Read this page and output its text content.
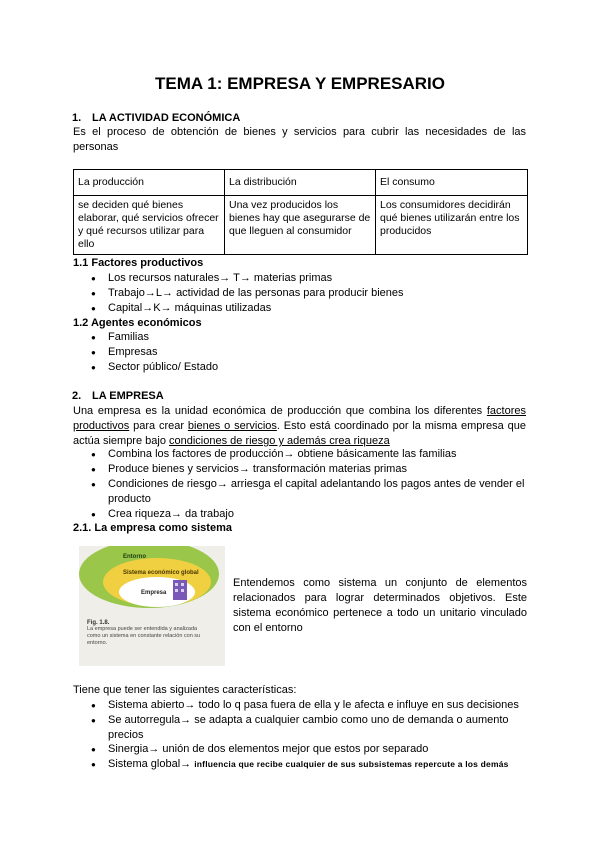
TEMA 1: EMPRESA Y EMPRESARIO
1. LA ACTIVIDAD ECONÓMICA
Es el proceso de obtención de bienes y servicios para cubrir las necesidades de las personas
La producción	La distribución	El consumo
se deciden qué bienes elaborar, qué servicios ofrecer y qué recursos utilizar para ello	Una vez producidos los bienes hay que asegurarse de que lleguen al consumidor	Los consumidores decidirán qué bienes utilizarán entre los producidos
1.1 Factores productivos
● Los recursos naturales→ T→ materias primas
● Trabajo→L→ actividad de las personas para producir bienes
● Capital→K→ máquinas utilizadas
1.2 Agentes económicos
● Familias
● Empresas
● Sector público/ Estado
2. LA EMPRESA
Una empresa es la unidad económica de producción que combina los diferentes factores productivos para crear bienes o servicios. Esto está coordinado por la misma empresa que actúa siempre bajo condiciones de riesgo y además crea riqueza
● Combina los factores de producción→ obtiene básicamente las familias
● Produce bienes y servicios→ transformación materias primas
● Condiciones de riesgo→ arriesga el capital adelantando los pagos antes de vender el producto
● Crea riqueza→ da trabajo
2.1. La empresa como sistema
Entorno
Sistema económico global
Empresa
Fig. 1.8.
La empresa puede ser entendida y analizada como un sistema en constante relación con su entorno.
Entendemos como sistema un conjunto de elementos relacionados para lograr determinados objetivos. Este sistema económico pertenece a todo un unitario vinculado con el entorno
Tiene que tener las siguientes características:
● Sistema abierto→ todo lo q pasa fuera de ella y le afecta e influye en sus decisiones
● Se autorregula→ se adapta a cualquier cambio como uno de demanda o aumento precios
● Sinergia→ unión de dos elementos mejor que estos por separado
● Sistema global→ influencia que recibe cualquier de sus subsistemas repercute a los demás
